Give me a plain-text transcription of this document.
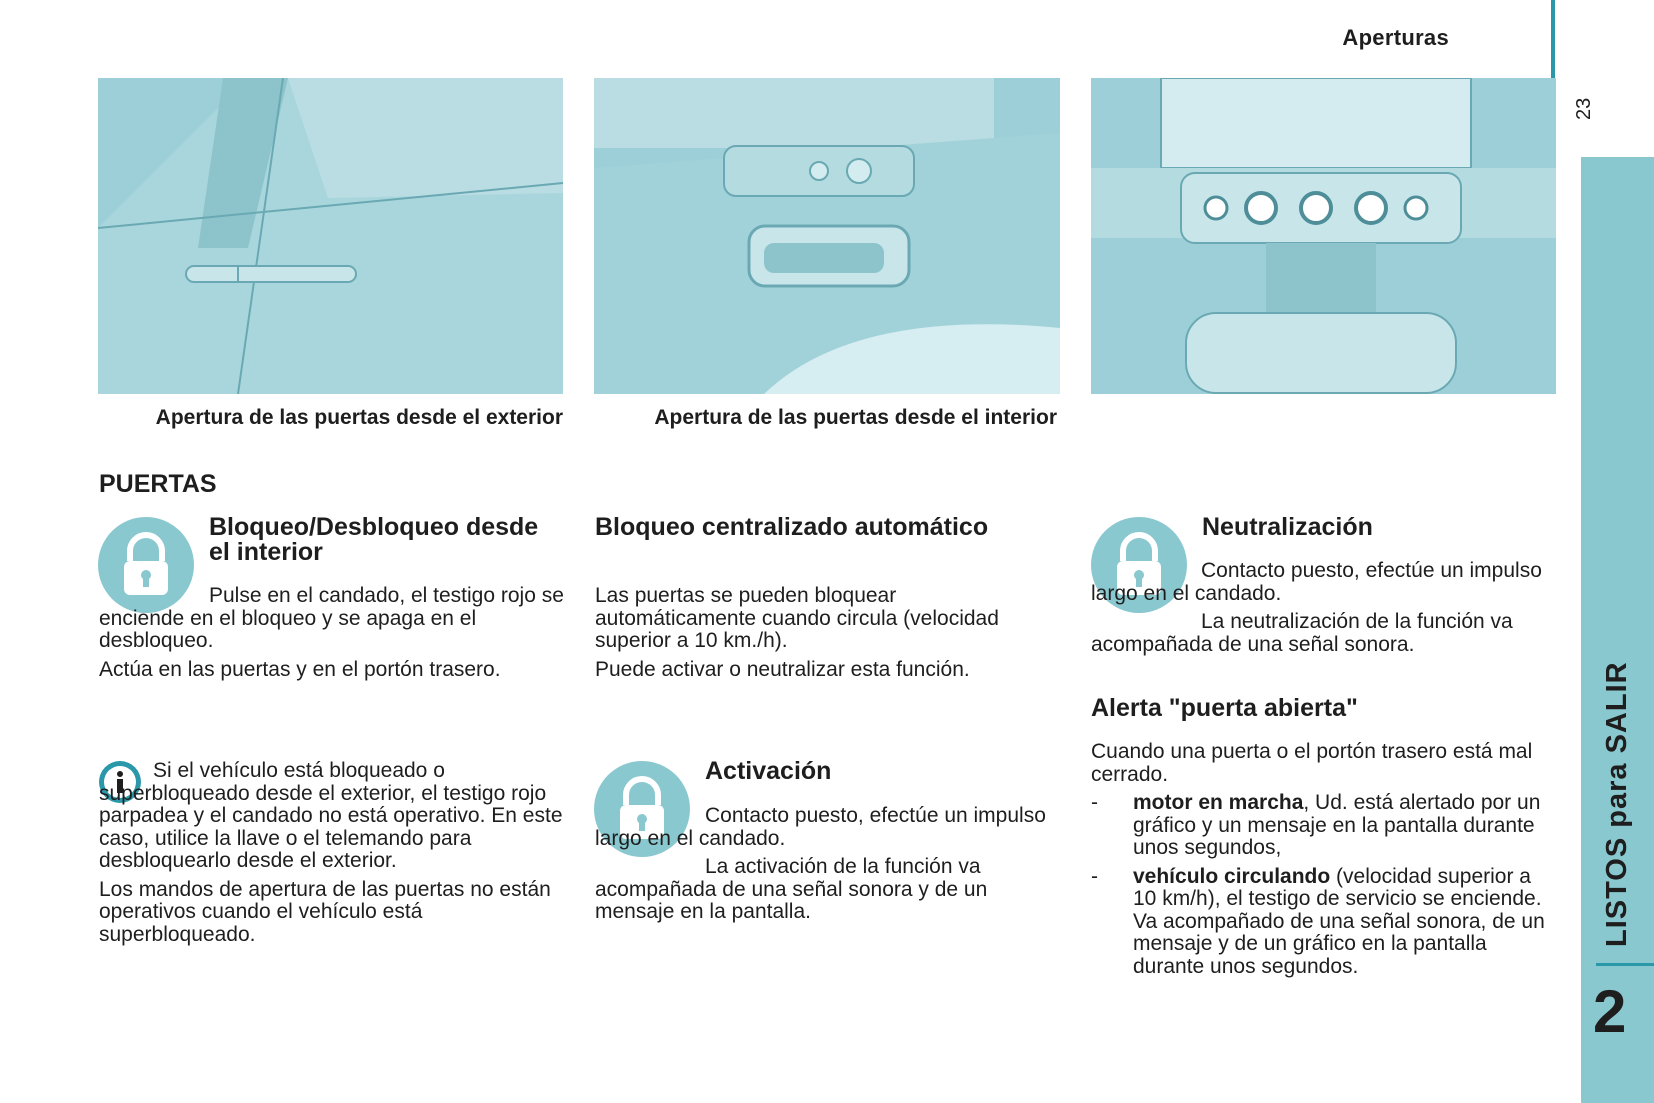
Aperturas
23
LISTOS para SALIR
2
Apertura de las puertas desde el exterior	Apertura de las puertas desde el interior
PUERTAS
Bloqueo/Desbloqueo desde el interior

Pulse en el candado, el testigo rojo se enciende en el bloqueo y se apaga en el desbloqueo.

Actúa en las puertas y en el portón trasero.

Si el vehículo está bloqueado o superbloqueado desde el exterior, el testigo rojo parpadea y el candado no está operativo. En este caso, utilice la llave o el telemando para desbloquearlo desde el exterior.

Los mandos de apertura de las puertas no están operativos cuando el vehículo está superbloqueado.

Bloqueo centralizado automático

Las puertas se pueden bloquear automáticamente cuando circula (velocidad superior a 10 km./h).

Puede activar o neutralizar esta función.

Activación

Contacto puesto, efectúe un impulso largo en el candado.

La activación de la función va acompañada de una señal sonora y de un mensaje en la pantalla.

Neutralización

Contacto puesto, efectúe un impulso largo en el candado.

La neutralización de la función va acompañada de una señal sonora.

Alerta "puerta abierta"

Cuando una puerta o el portón trasero está mal cerrado.

- motor en marcha, Ud. está alertado por un gráfico y un mensaje en la pantalla durante unos segundos,

- vehículo circulando (velocidad superior a 10 km/h), el testigo de servicio se enciende. Va acompañado de una señal sonora, de un mensaje y de un gráfico en la pantalla durante unos segundos.
